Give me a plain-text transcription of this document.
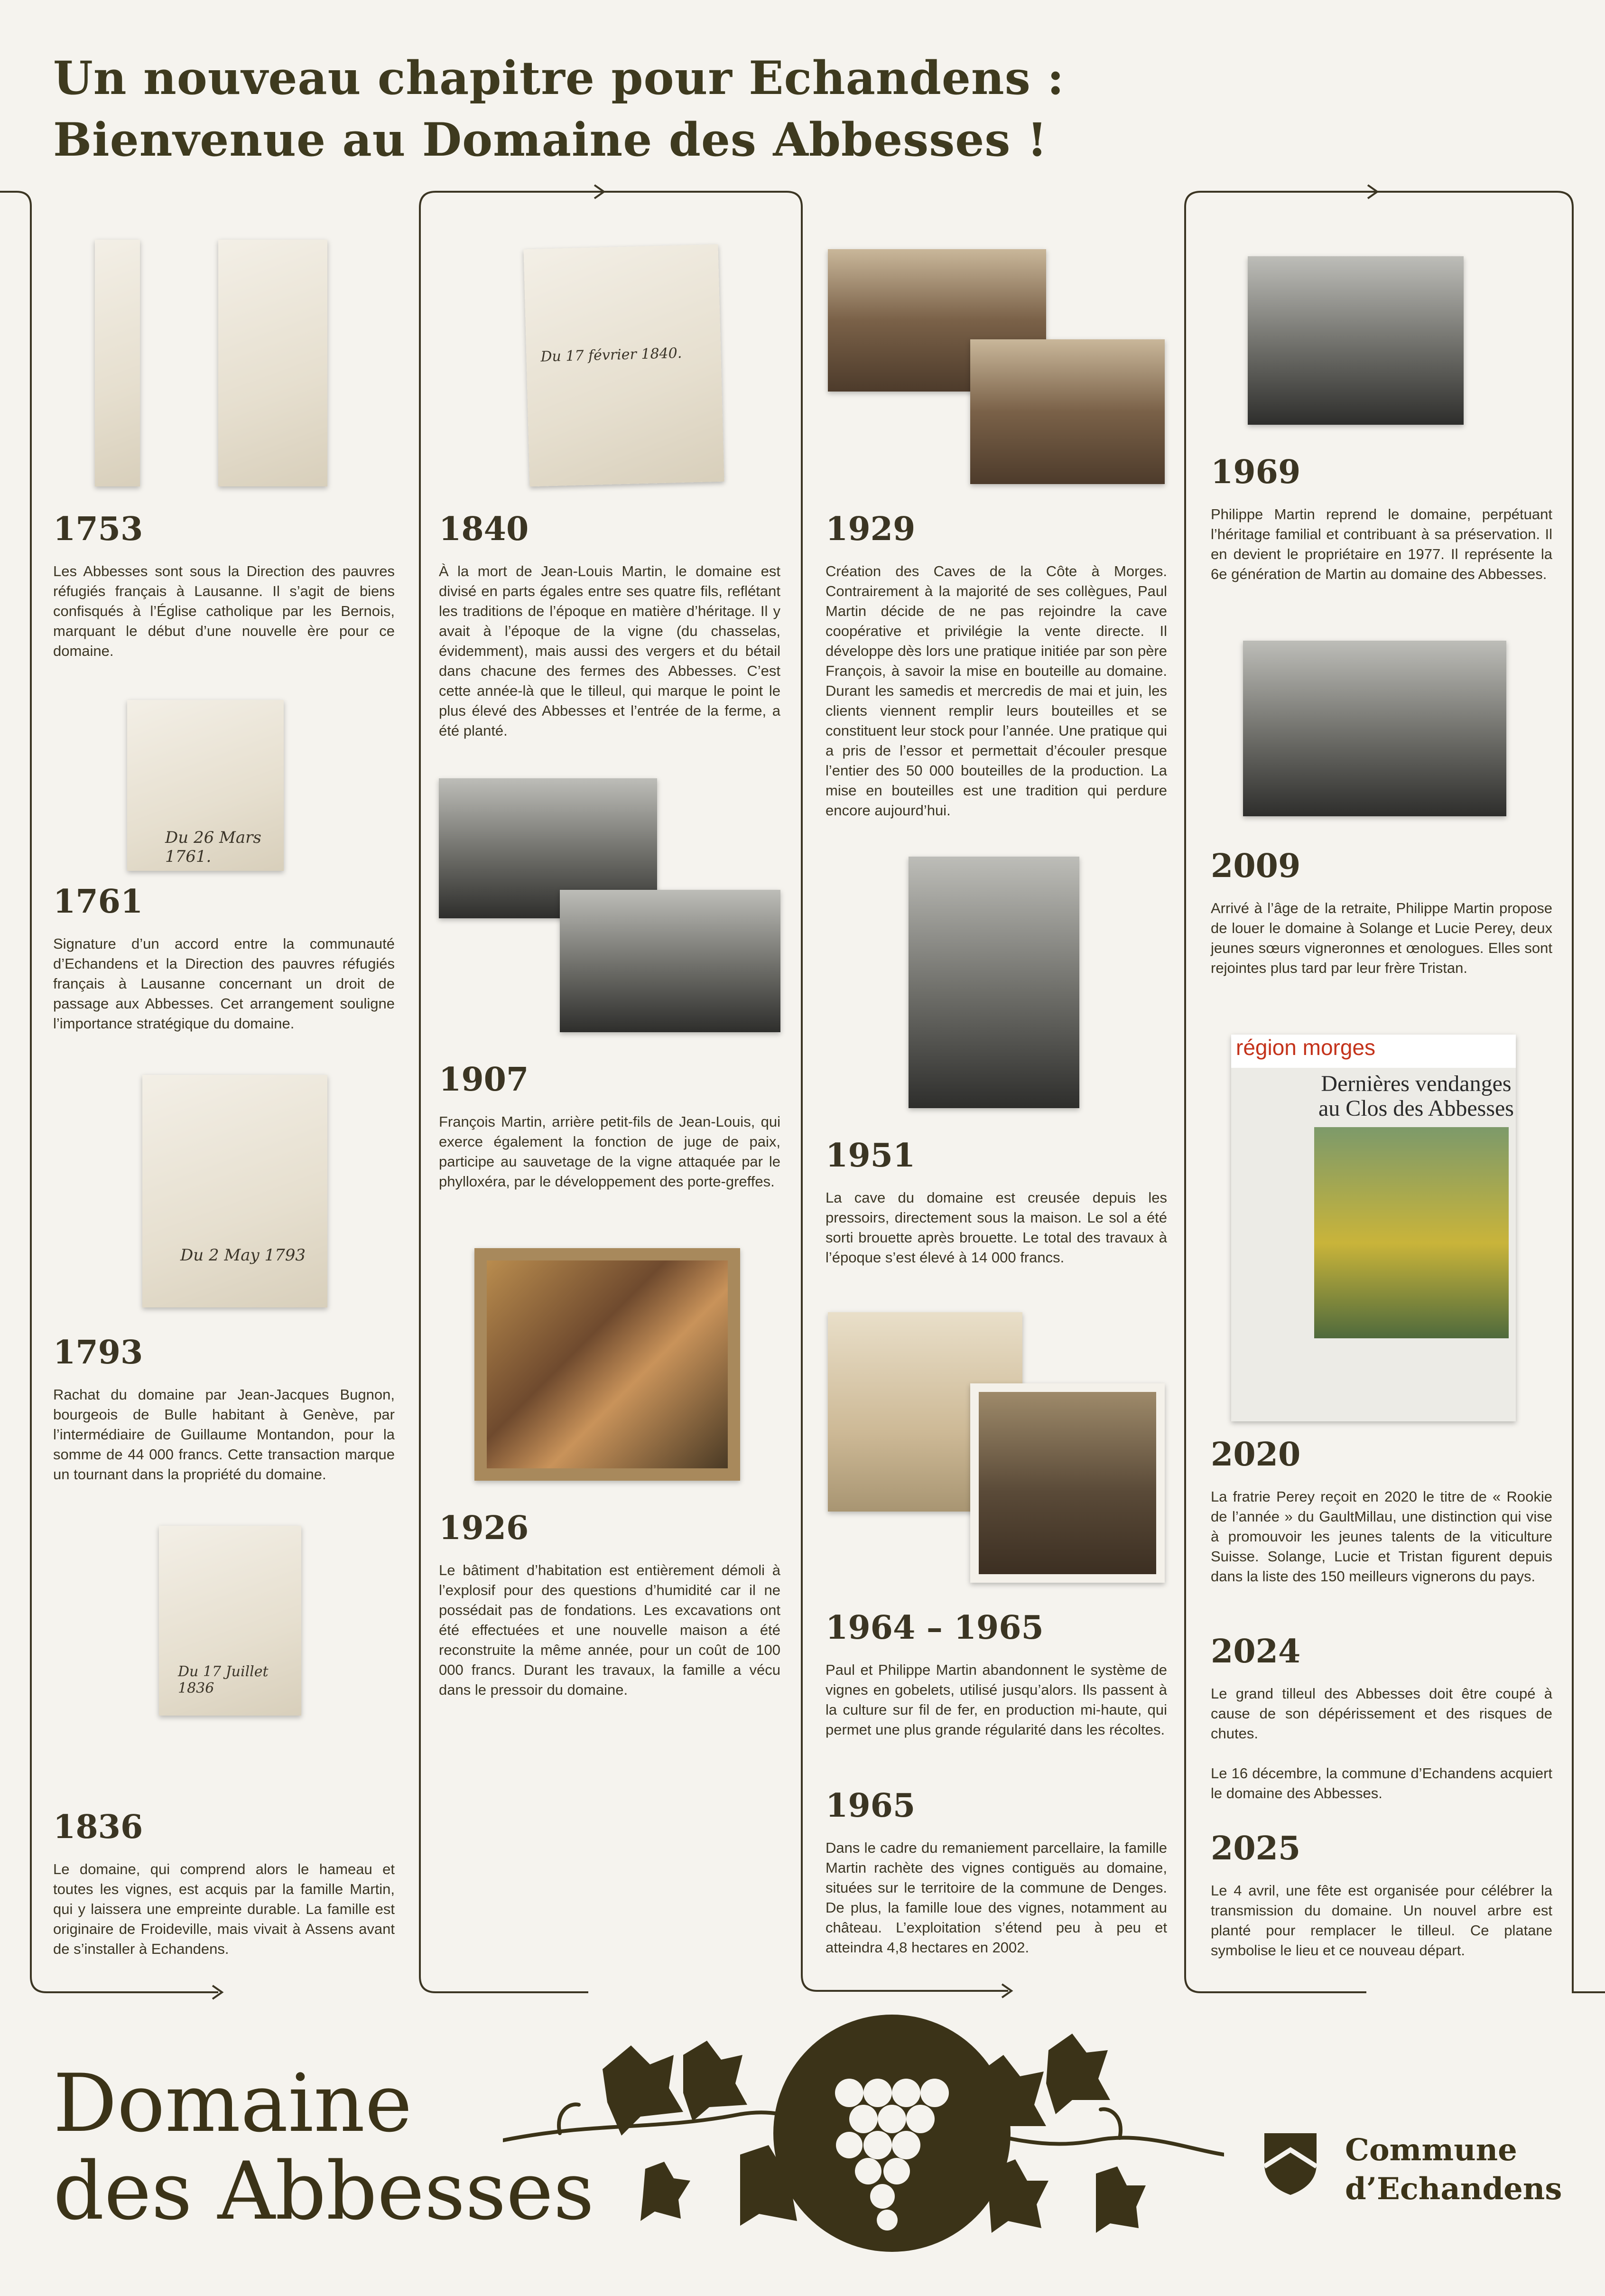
Un nouveau chapitre pour Echandens :
Bienvenue au Domaine des Abbesses !

1753

Les Abbesses sont sous la Direction des pauvres réfugiés français à Lausanne. Il s’agit de biens confisqués à l’Église catholique par les Bernois, marquant le début d’une nouvelle ère pour ce domaine.

Du 26 Mars 1761.

1761

Signature d’un accord entre la communauté d’Echandens et la Direction des pauvres réfugiés français à Lausanne concernant un droit de passage aux Abbesses. Cet arrangement souligne l’importance stratégique du domaine.

Du 2 May 1793

1793

Rachat du domaine par Jean-Jacques Bugnon, bourgeois de Bulle habitant à Genève, par l’intermédiaire de Guillaume Montandon, pour la somme de 44 000 francs. Cette transaction marque un tournant dans la propriété du domaine.

Du 17 Juillet 1836

1836

Le domaine, qui comprend alors le hameau et toutes les vignes, est acquis par la famille Martin, qui y laissera une empreinte durable. La famille est originaire de Froideville, mais vivait à Assens avant de s’installer à Echandens.

Du 17 février 1840.

1840

À la mort de Jean-Louis Martin, le domaine est divisé en parts égales entre ses quatre fils, reflétant les traditions de l’époque en matière d’héritage. Il y avait à l’époque de la vigne (du chasselas, évidemment), mais aussi des vergers et du bétail dans chacune des fermes des Abbesses. C’est cette année-là que le tilleul, qui marque le point le plus élevé des Abbesses et l’entrée de la ferme, a été planté.

1907

François Martin, arrière petit-fils de Jean-Louis, qui exerce également la fonction de juge de paix, participe au sauvetage de la vigne attaquée par le phylloxéra, par le développement des porte-greffes.

1926

Le bâtiment d’habitation est entièrement démoli à l’explosif pour des questions d’humidité car il ne possédait pas de fondations. Les excavations ont été effectuées et une nouvelle maison a été reconstruite la même année, pour un coût de 100 000 francs. Durant les travaux, la famille a vécu dans le pressoir du domaine.

1929

Création des Caves de la Côte à Morges. Contrairement à la majorité de ses collègues, Paul Martin décide de ne pas rejoindre la cave coopérative et privilégie la vente directe. Il développe dès lors une pratique initiée par son père François, à savoir la mise en bouteille au domaine. Durant les samedis et mercredis de mai et juin, les clients viennent remplir leurs bouteilles et se constituent leur stock pour l’année. Une pratique qui a pris de l’essor et permettait d’écouler presque l’entier des 50 000 bouteilles de la production. La mise en bouteilles est une tradition qui perdure encore aujourd’hui.

1951

La cave du domaine est creusée depuis les pressoirs, directement sous la maison. Le sol a été sorti brouette après brouette. Le total des travaux à l’époque s’est élevé à 14 000 francs.

1964 – 1965

Paul et Philippe Martin abandonnent le système de vignes en gobelets, utilisé jusqu’alors. Ils passent à la culture sur fil de fer, en production mi-haute, qui permet une plus grande régularité dans les récoltes.

1965

Dans le cadre du remaniement parcellaire, la famille Martin rachète des vignes contiguës au domaine, situées sur le territoire de la commune de Denges. De plus, la famille loue des vignes, notamment au château. L’exploitation s’étend peu à peu et atteindra 4,8 hectares en 2002.

1969

Philippe Martin reprend le domaine, perpétuant l’héritage familial et contribuant à sa préservation. Il en devient le propriétaire en 1977. Il représente la 6e génération de Martin au domaine des Abbesses.

2009

Arrivé à l’âge de la retraite, Philippe Martin propose de louer le domaine à Solange et Lucie Perey, deux jeunes sœurs vigneronnes et œnologues. Elles sont rejointes plus tard par leur frère Tristan.

région morges
Dernières vendanges au Clos des Abbesses

2020

La fratrie Perey reçoit en 2020 le titre de « Rookie de l’année » du GaultMillau, une distinction qui vise à promouvoir les jeunes talents de la viticulture Suisse. Solange, Lucie et Tristan figurent depuis dans la liste des 150 meilleurs vignerons du pays.

2024

Le grand tilleul des Abbesses doit être coupé à cause de son dépérissement et des risques de chutes.

Le 16 décembre, la commune d’Echandens acquiert le domaine des Abbesses.

2025

Le 4 avril, une fête est organisée pour célébrer la transmission du domaine. Un nouvel arbre est planté pour remplacer le tilleul. Ce platane symbolise le lieu et ce nouveau départ.

Domaine
des Abbesses	Commune
d’Echandens
